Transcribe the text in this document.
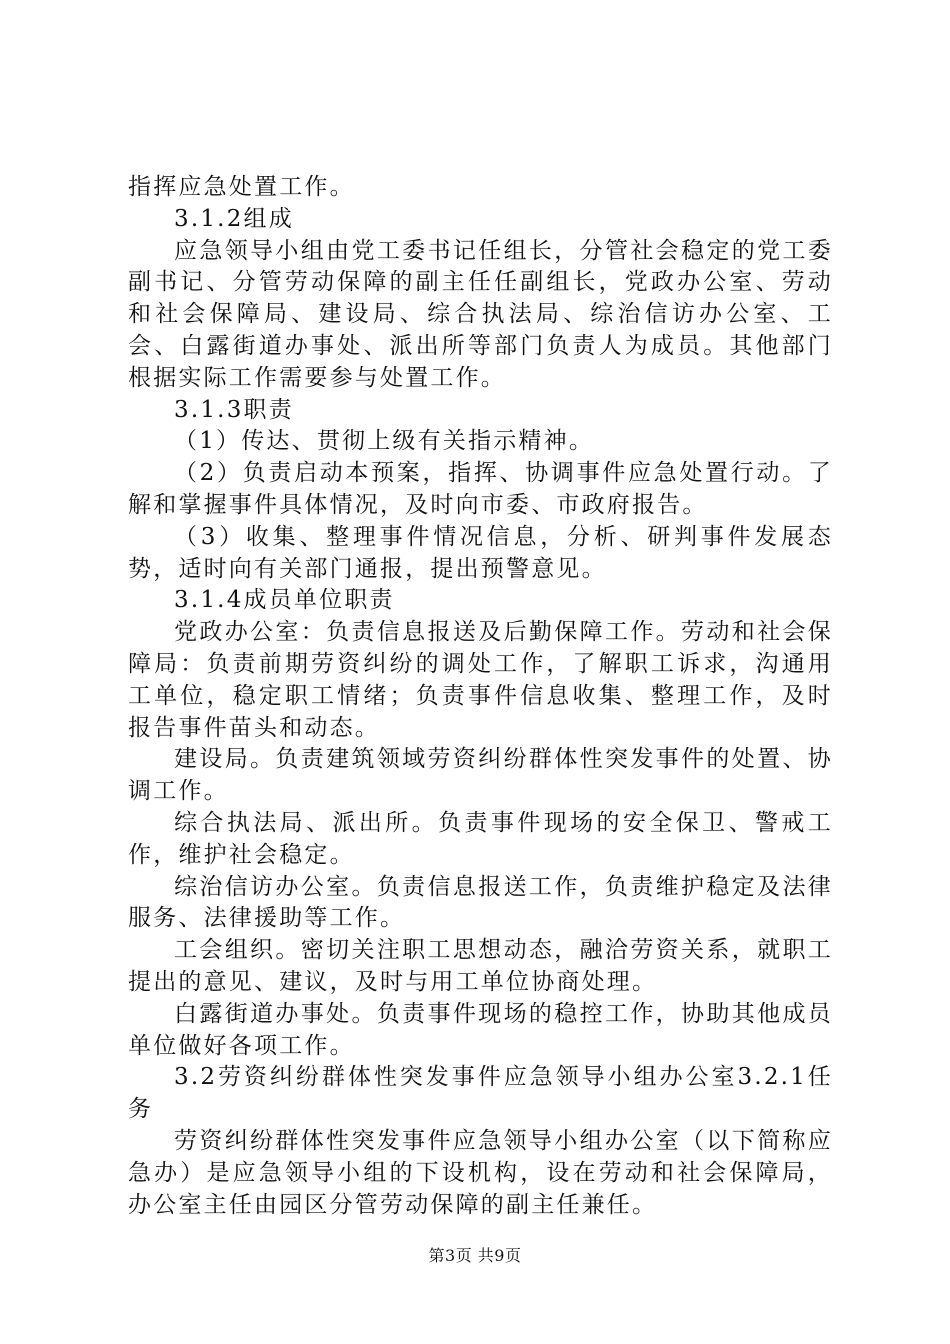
指挥应急处置工作。

3.1.2组成

应急领导小组由党工委书记任组长，分管社会稳定的党工委副书记、分管劳动保障的副主任任副组长，党政办公室、劳动和社会保障局、建设局、综合执法局、综治信访办公室、工会、白露街道办事处、派出所等部门负责人为成员。其他部门根据实际工作需要参与处置工作。

3.1.3职责

（1）传达、贯彻上级有关指示精神。

（2）负责启动本预案，指挥、协调事件应急处置行动。了解和掌握事件具体情况，及时向市委、市政府报告。

（3）收集、整理事件情况信息，分析、研判事件发展态势，适时向有关部门通报，提出预警意见。

3.1.4成员单位职责

党政办公室：负责信息报送及后勤保障工作。劳动和社会保障局：负责前期劳资纠纷的调处工作，了解职工诉求，沟通用工单位，稳定职工情绪；负责事件信息收集、整理工作，及时报告事件苗头和动态。

建设局。负责建筑领域劳资纠纷群体性突发事件的处置、协调工作。

综合执法局、派出所。负责事件现场的安全保卫、警戒工作，维护社会稳定。

综治信访办公室。负责信息报送工作，负责维护稳定及法律服务、法律援助等工作。

工会组织。密切关注职工思想动态，融洽劳资关系，就职工提出的意见、建议，及时与用工单位协商处理。

白露街道办事处。负责事件现场的稳控工作，协助其他成员单位做好各项工作。

3.2劳资纠纷群体性突发事件应急领导小组办公室3.2.1任务

劳资纠纷群体性突发事件应急领导小组办公室（以下简称应急办）是应急领导小组的下设机构，设在劳动和社会保障局，办公室主任由园区分管劳动保障的副主任兼任。

第3页 共9页
